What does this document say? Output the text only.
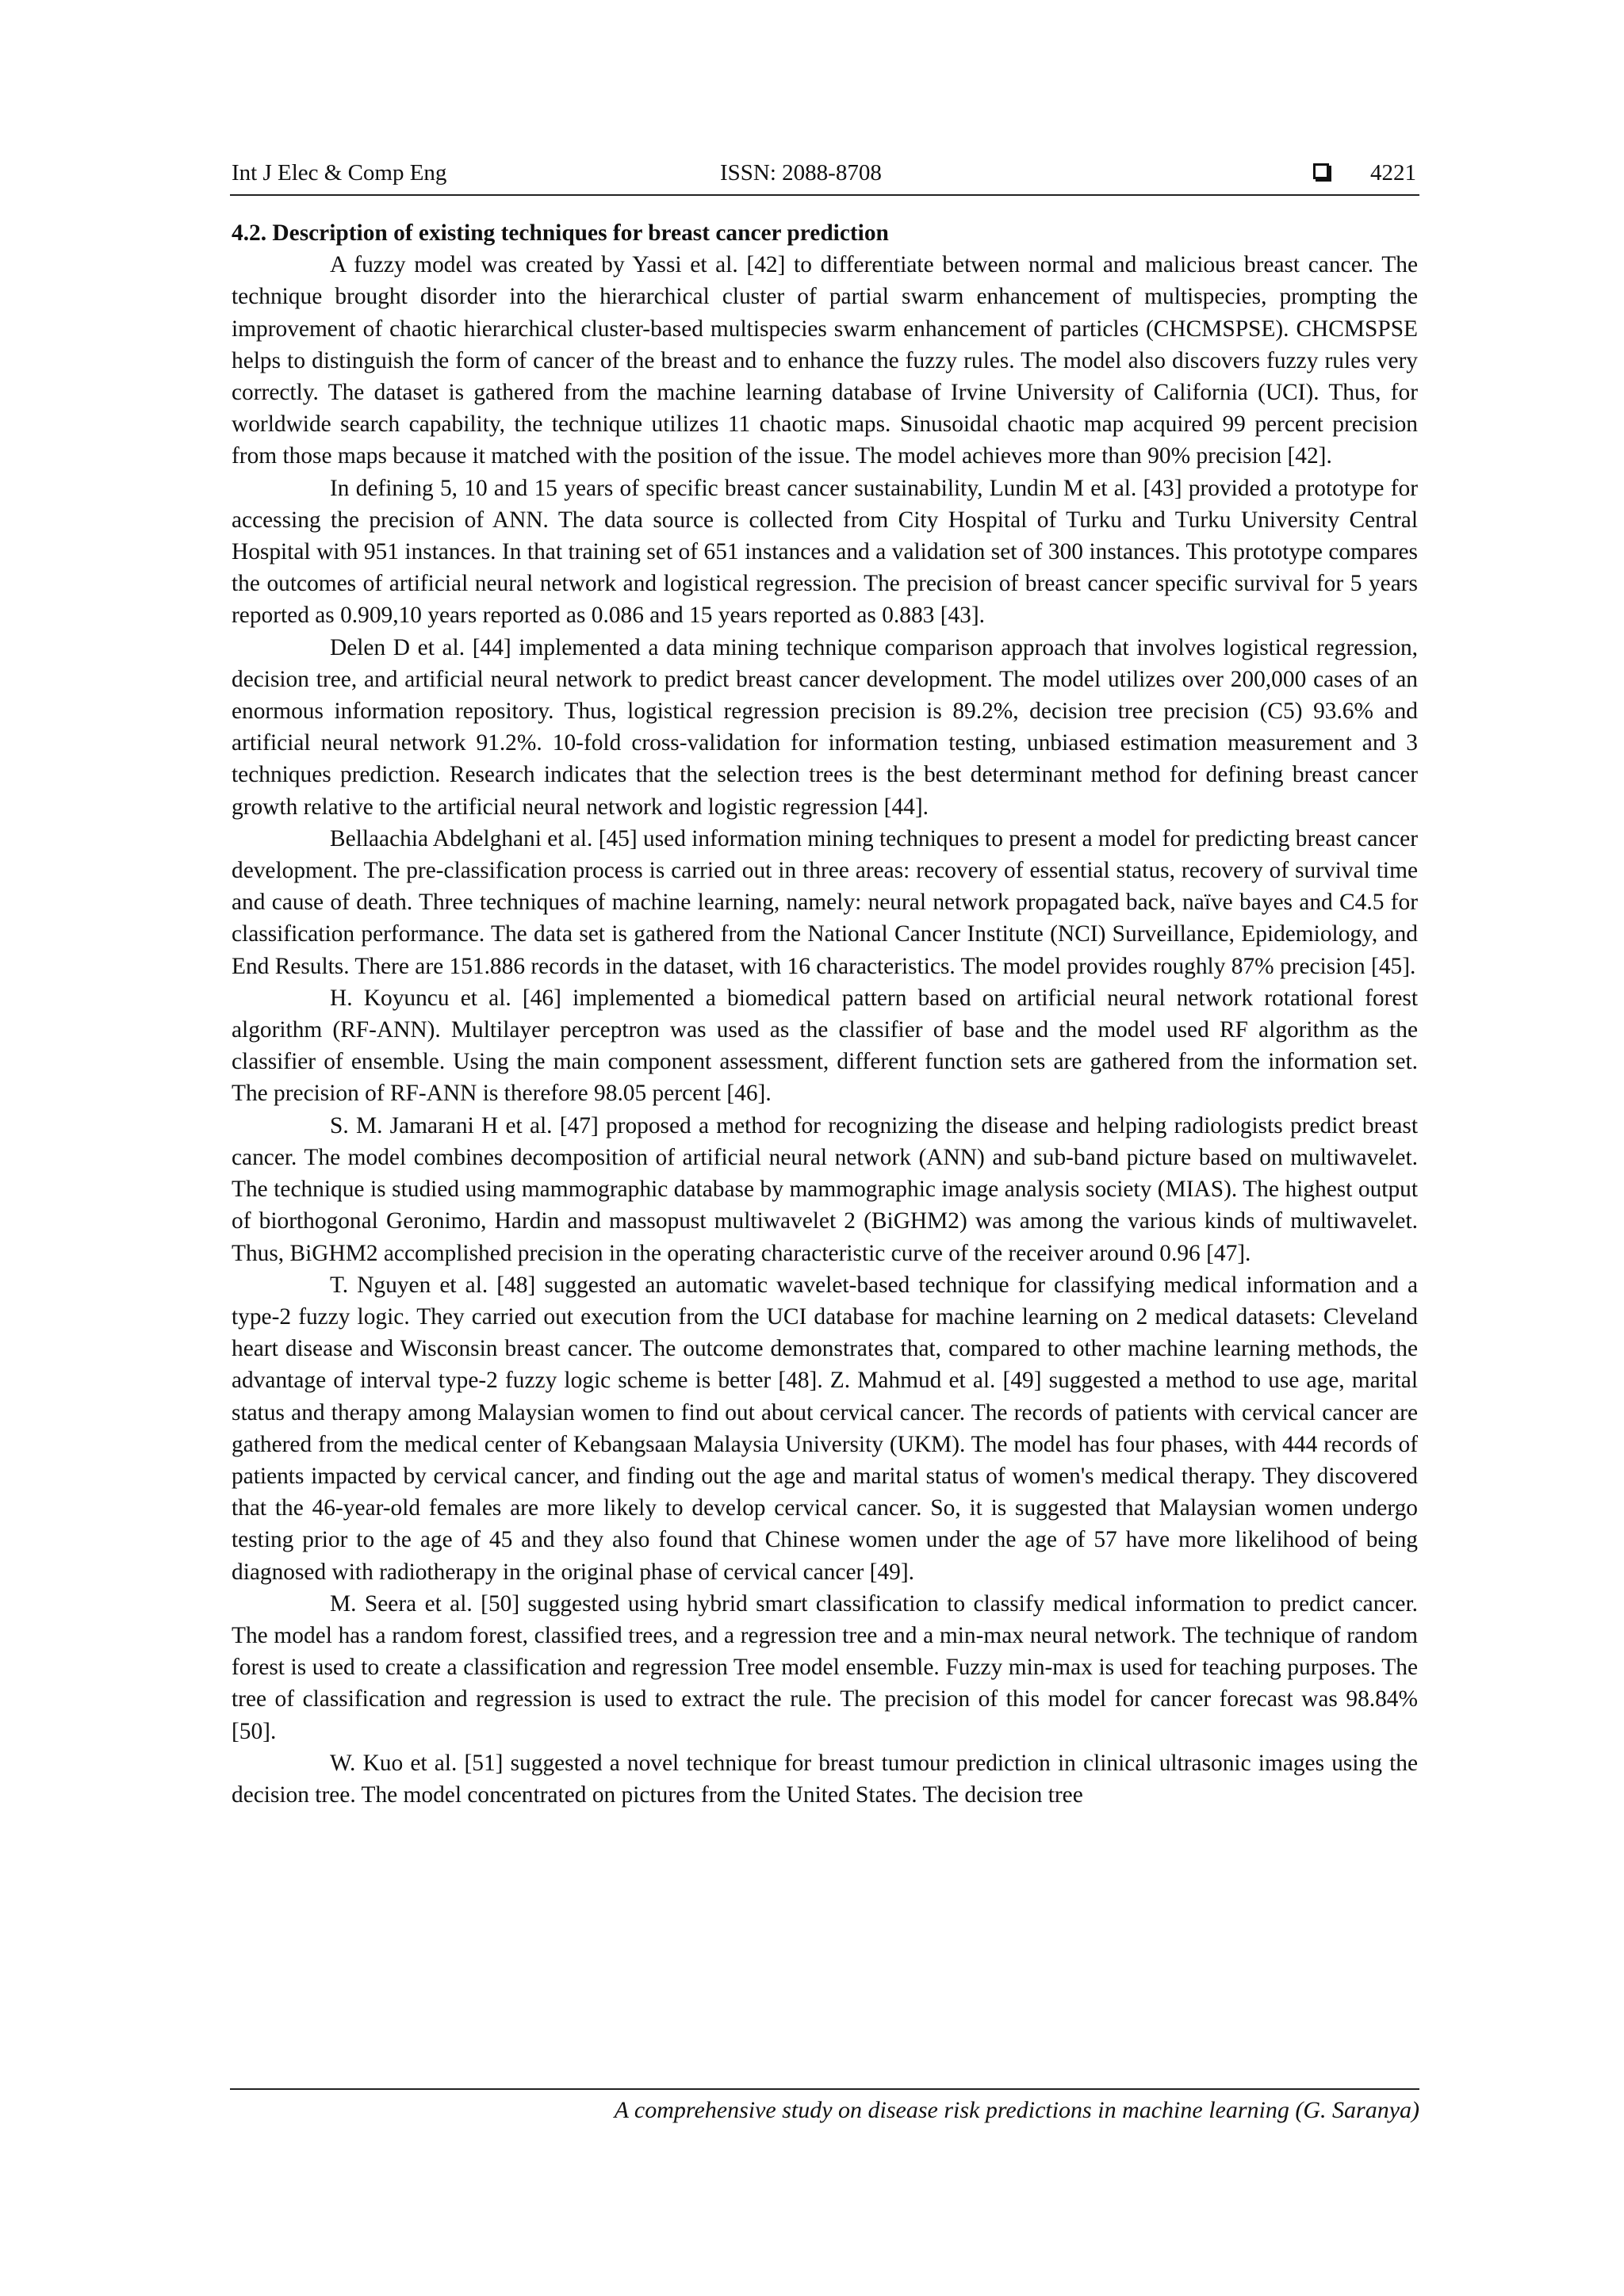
Int J Elec & Comp Eng	ISSN: 2088-8708	4221

4.2. Description of existing techniques for breast cancer prediction

A fuzzy model was created by Yassi et al. [42] to differentiate between normal and malicious breast cancer. The technique brought disorder into the hierarchical cluster of partial swarm enhancement of multispecies, prompting the improvement of chaotic hierarchical cluster-based multispecies swarm enhancement of particles (CHCMSPSE). CHCMSPSE helps to distinguish the form of cancer of the breast and to enhance the fuzzy rules. The model also discovers fuzzy rules very correctly. The dataset is gathered from the machine learning database of Irvine University of California (UCI). Thus, for worldwide search capability, the technique utilizes 11 chaotic maps. Sinusoidal chaotic map acquired 99 percent precision from those maps because it matched with the position of the issue. The model achieves more than 90% precision [42].

In defining 5, 10 and 15 years of specific breast cancer sustainability, Lundin M et al. [43] provided a prototype for accessing the precision of ANN. The data source is collected from City Hospital of Turku and Turku University Central Hospital with 951 instances. In that training set of 651 instances and a validation set of 300 instances. This prototype compares the outcomes of artificial neural network and logistical regression. The precision of breast cancer specific survival for 5 years reported as 0.909,10 years reported as 0.086 and 15 years reported as 0.883 [43].

Delen D et al. [44] implemented a data mining technique comparison approach that involves logistical regression, decision tree, and artificial neural network to predict breast cancer development. The model utilizes over 200,000 cases of an enormous information repository. Thus, logistical regression precision is 89.2%, decision tree precision (C5) 93.6% and artificial neural network 91.2%. 10-fold cross-validation for information testing, unbiased estimation measurement and 3 techniques prediction. Research indicates that the selection trees is the best determinant method for defining breast cancer growth relative to the artificial neural network and logistic regression [44].

Bellaachia Abdelghani et al. [45] used information mining techniques to present a model for predicting breast cancer development. The pre-classification process is carried out in three areas: recovery of essential status, recovery of survival time and cause of death. Three techniques of machine learning, namely: neural network propagated back, naïve bayes and C4.5 for classification performance. The data set is gathered from the National Cancer Institute (NCI) Surveillance, Epidemiology, and End Results. There are 151.886 records in the dataset, with 16 characteristics. The model provides roughly 87% precision [45].

H. Koyuncu et al. [46] implemented a biomedical pattern based on artificial neural network rotational forest algorithm (RF-ANN). Multilayer perceptron was used as the classifier of base and the model used RF algorithm as the classifier of ensemble. Using the main component assessment, different function sets are gathered from the information set. The precision of RF-ANN is therefore 98.05 percent [46].

S. M. Jamarani H et al. [47] proposed a method for recognizing the disease and helping radiologists predict breast cancer. The model combines decomposition of artificial neural network (ANN) and sub-band picture based on multiwavelet. The technique is studied using mammographic database by mammographic image analysis society (MIAS). The highest output of biorthogonal Geronimo, Hardin and massopust multiwavelet 2 (BiGHM2) was among the various kinds of multiwavelet. Thus, BiGHM2 accomplished precision in the operating characteristic curve of the receiver around 0.96 [47].

T. Nguyen et al. [48] suggested an automatic wavelet-based technique for classifying medical information and a type-2 fuzzy logic. They carried out execution from the UCI database for machine learning on 2 medical datasets: Cleveland heart disease and Wisconsin breast cancer. The outcome demonstrates that, compared to other machine learning methods, the advantage of interval type-2 fuzzy logic scheme is better [48]. Z. Mahmud et al. [49] suggested a method to use age, marital status and therapy among Malaysian women to find out about cervical cancer. The records of patients with cervical cancer are gathered from the medical center of Kebangsaan Malaysia University (UKM). The model has four phases, with 444 records of patients impacted by cervical cancer, and finding out the age and marital status of women's medical therapy. They discovered that the 46-year-old females are more likely to develop cervical cancer. So, it is suggested that Malaysian women undergo testing prior to the age of 45 and they also found that Chinese women under the age of 57 have more likelihood of being diagnosed with radiotherapy in the original phase of cervical cancer [49].

M. Seera et al. [50] suggested using hybrid smart classification to classify medical information to predict cancer. The model has a random forest, classified trees, and a regression tree and a min-max neural network. The technique of random forest is used to create a classification and regression Tree model ensemble. Fuzzy min-max is used for teaching purposes. The tree of classification and regression is used to extract the rule. The precision of this model for cancer forecast was 98.84% [50].

W. Kuo et al. [51] suggested a novel technique for breast tumour prediction in clinical ultrasonic images using the decision tree. The model concentrated on pictures from the United States. The decision tree

A comprehensive study on disease risk predictions in machine learning (G. Saranya)
